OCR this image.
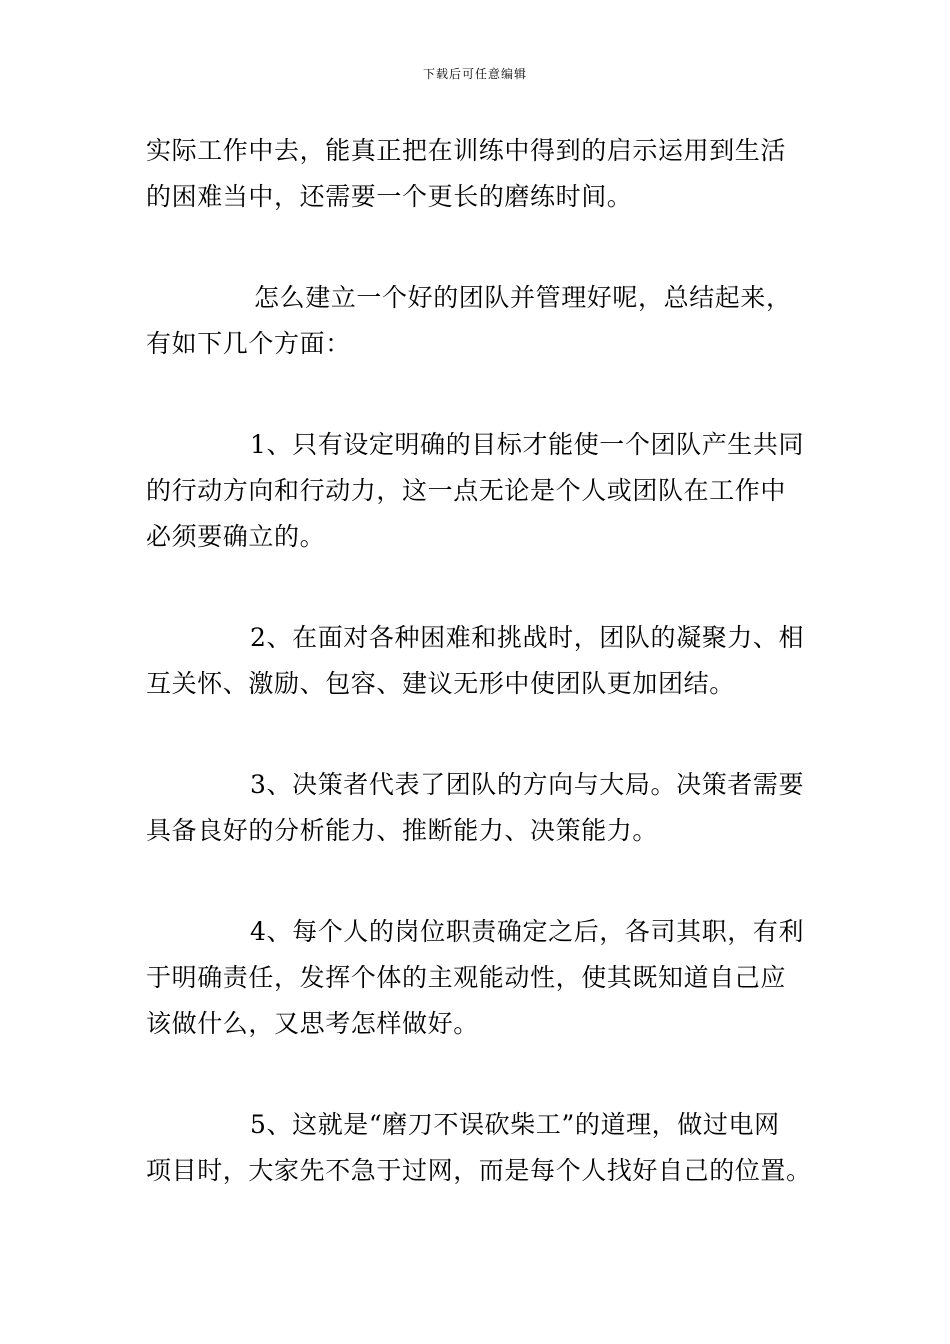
下载后可任意编辑
实际工作中去，能真正把在训练中得到的启示运用到生活
的困难当中，还需要一个更长的磨练时间。
怎么建立一个好的团队并管理好呢，总结起来，
有如下几个方面：
1、只有设定明确的目标才能使一个团队产生共同
的行动方向和行动力，这一点无论是个人或团队在工作中
必须要确立的。
2、在面对各种困难和挑战时，团队的凝聚力、相
互关怀、激励、包容、建议无形中使团队更加团结。
3、决策者代表了团队的方向与大局。决策者需要
具备良好的分析能力、推断能力、决策能力。
4、每个人的岗位职责确定之后，各司其职，有利
于明确责任，发挥个体的主观能动性，使其既知道自己应
该做什么，又思考怎样做好。
5、这就是“磨刀不误砍柴工”的道理，做过电网
项目时，大家先不急于过网，而是每个人找好自己的位置。
